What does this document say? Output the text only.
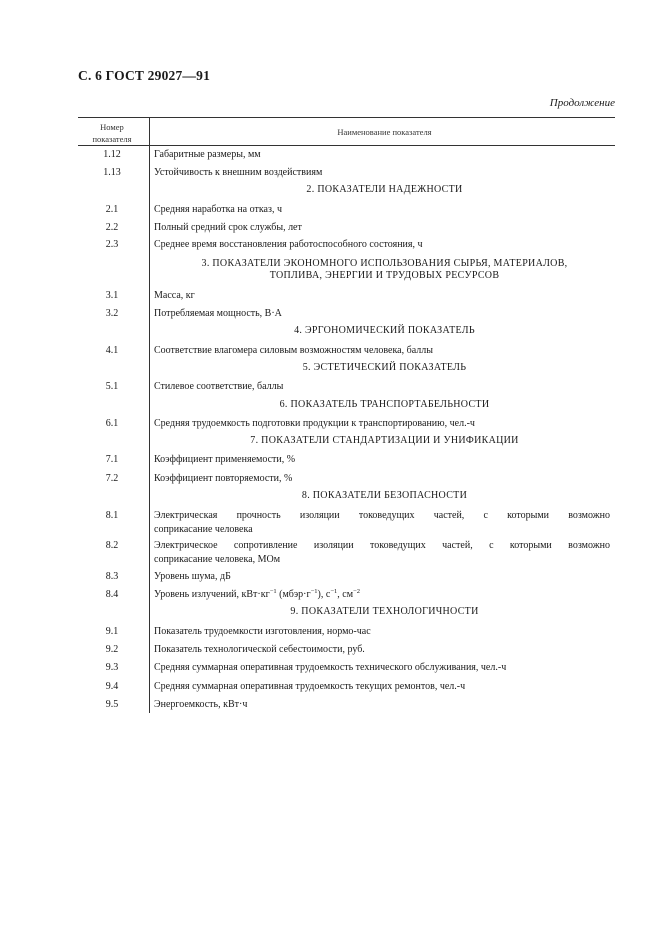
С. 6 ГОСТ 29027—91
Продолжение
Номер
показателя
Наименование показателя
1.12	Габаритные размеры, мм
1.13	Устойчивость к внешним воздействиям
2. ПОКАЗАТЕЛИ НАДЕЖНОСТИ
2.1	Средняя наработка на отказ, ч
2.2	Полный средний срок службы, лет
2.3	Среднее время восстановления работоспособного состояния, ч
3. ПОКАЗАТЕЛИ ЭКОНОМНОГО ИСПОЛЬЗОВАНИЯ СЫРЬЯ, МАТЕРИАЛОВ,
ТОПЛИВА, ЭНЕРГИИ И ТРУДОВЫХ РЕСУРСОВ
3.1	Масса, кг
3.2	Потребляемая мощность, В·А
4. ЭРГОНОМИЧЕСКИЙ ПОКАЗАТЕЛЬ
4.1	Соответствие влагомера силовым возможностям человека, баллы
5. ЭСТЕТИЧЕСКИЙ ПОКАЗАТЕЛЬ
5.1	Стилевое соответствие, баллы
6. ПОКАЗАТЕЛЬ ТРАНСПОРТАБЕЛЬНОСТИ
6.1	Средняя трудоемкость подготовки продукции к транспортированию, чел.-ч
7. ПОКАЗАТЕЛИ СТАНДАРТИЗАЦИИ И УНИФИКАЦИИ
7.1	Коэффициент применяемости, %
7.2	Коэффициент повторяемости, %
8. ПОКАЗАТЕЛИ БЕЗОПАСНОСТИ
8.1	Электрическая прочность изоляции токоведущих частей, с которыми возможно
соприкасание человека
8.2	Электрическое сопротивление изоляции токоведущих частей, с которыми возможно
соприкасание человека, МОм
8.3	Уровень шума, дБ
8.4	Уровень излучений, $кВт\cdot кг^{-1}$ $(мбэр\cdot г^{-1})$, $с^{-1}$, $см^{-2}$
9. ПОКАЗАТЕЛИ ТЕХНОЛОГИЧНОСТИ
9.1	Показатель трудоемкости изготовления, нормо-час
9.2	Показатель технологической себестоимости, руб.
9.3	Средняя суммарная оперативная трудоемкость технического обслуживания, чел.-ч
9.4	Средняя суммарная оперативная трудоемкость текущих ремонтов, чел.-ч
9.5	Энергоемкость, кВт·ч
